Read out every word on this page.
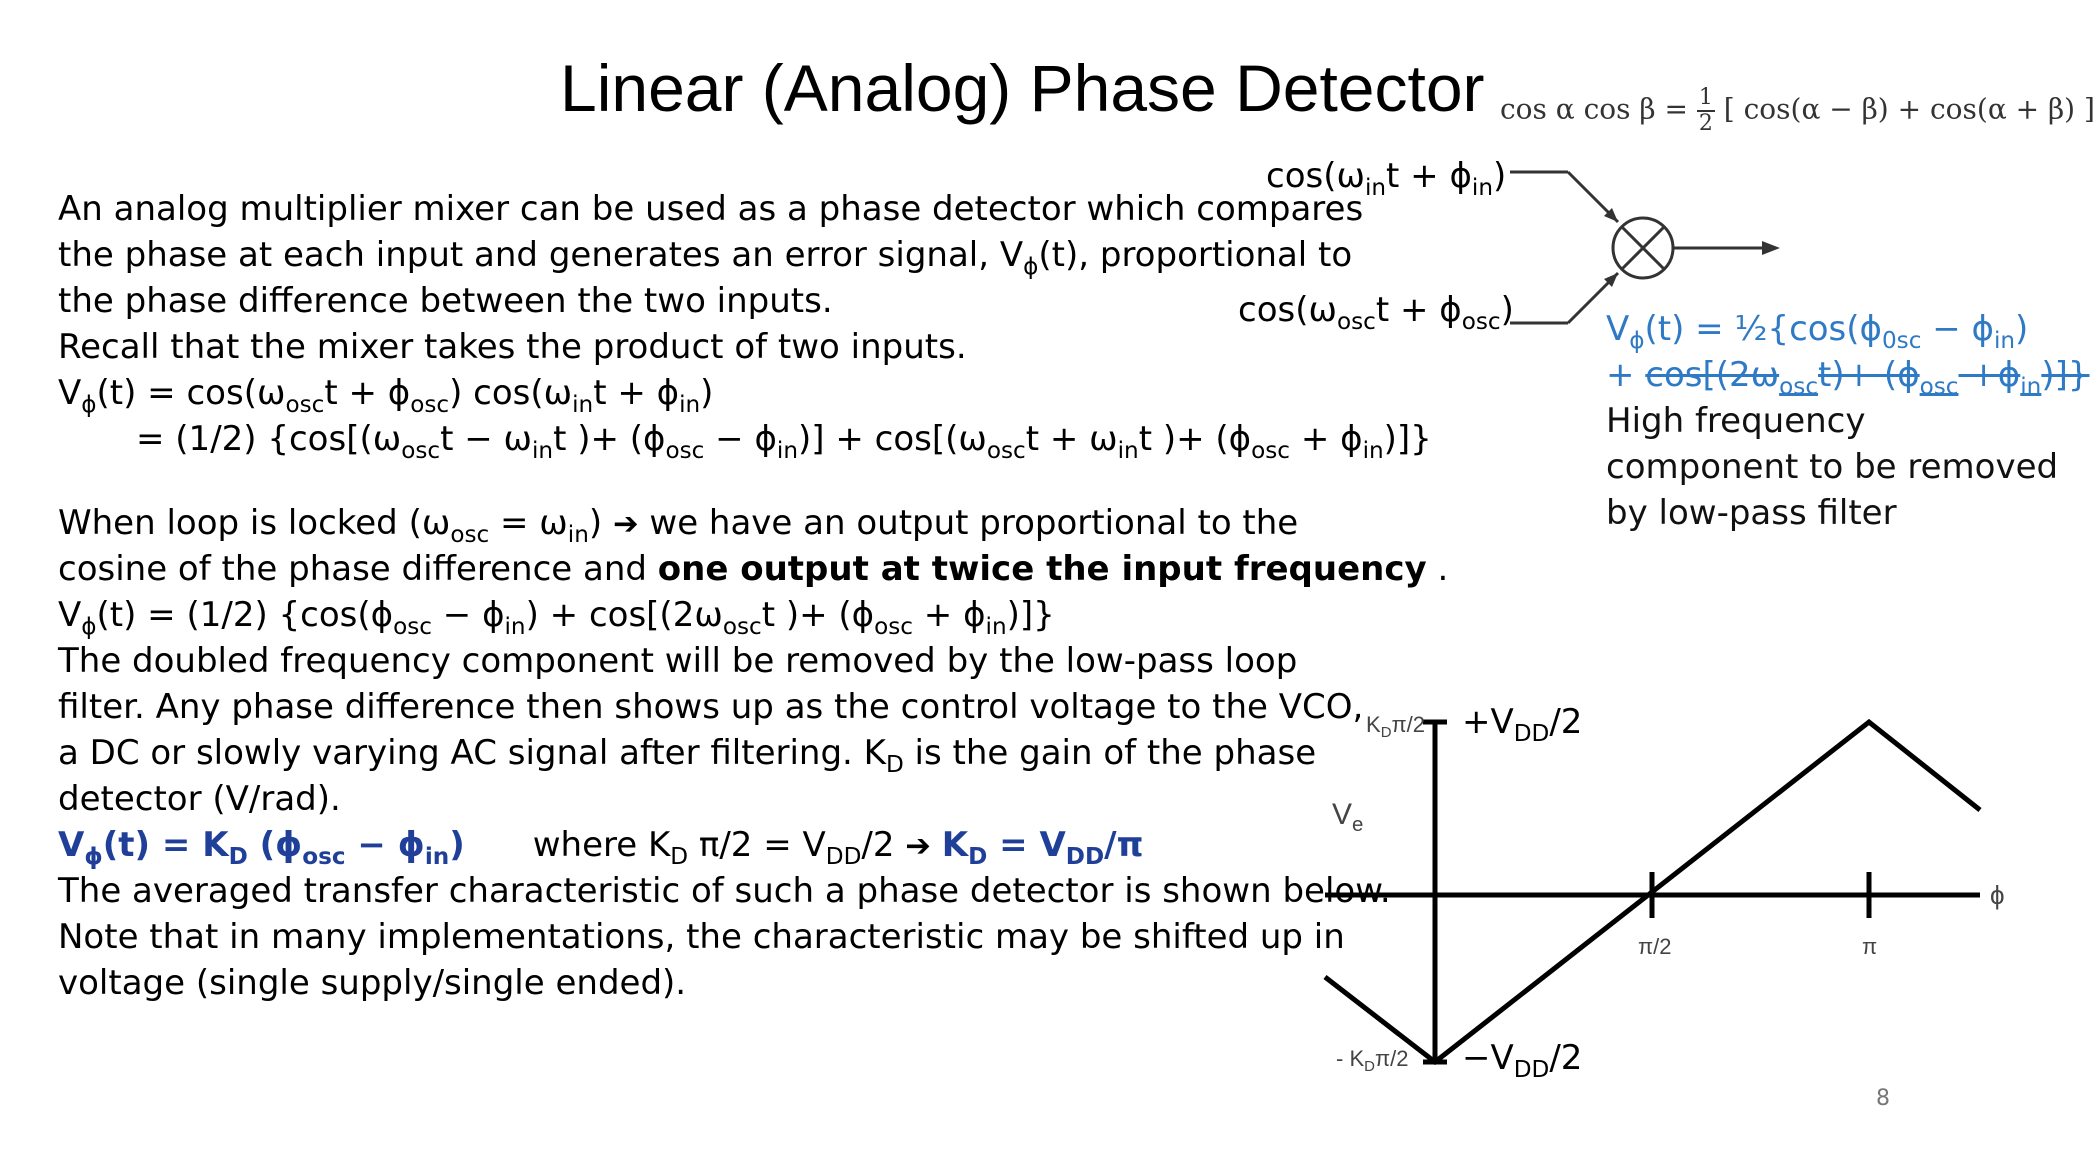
Linear (Analog) Phase Detector cos α $\cos \beta = \frac{1}{2}$ [ cos(α − β) + cos(α + β) ]
$\cos(\omega_{in}t + \phi_{in})$
$\cos(\omega_{osc}t + \phi_{osc})$	$V_\phi(t)$ = $\frac{1}{2}\{\cos(\phi_{0sc} - \phi_{in})$
+ $\cos[(2\omega_{osc}t)+ (\phi_{osc} +\phi_{in})]$}
High frequency
component to be removed
by low-pass filter
An analog multiplier mixer can be used as a phase detector which compares
the phase at each input and generates an error signal, $V_\phi(t)$, proportional to
the phase difference between the two inputs.
Recall that the mixer takes the product of two inputs.
$V_\phi(t) = \cos(\omega_{osc}t + \phi_{osc}) \cos(\omega_{in}t + \phi_{in})$
= (1/2) {$\cos[(\omega_{osc}t - \omega_{in}t$ )+ $(\phi_{osc} - \phi_{in})] + \cos[(\omega_{osc}t + \omega_{in}t$ )+ $(\phi_{osc} + \phi_{in})$]}
When loop is locked $(\omega_{osc} = \omega_{in})$ ➔ we have an output proportional to the
cosine of the phase difference and one output at twice the input frequency .
$V_\phi(t) = (1/2) \{\cos(\phi_{osc} - \phi_{in}) + \cos[(2\omega_{osc}t$ )+ $(\phi_{osc} + \phi_{in})$]}
The doubled frequency component will be removed by the low-pass loop
filter. Any phase difference then shows up as the control voltage to the VCO,
a DC or slowly varying AC signal after filtering. $K_D$ is the gain of the phase
detector (V/rad).
$V_\phi(t) = K_D$ $(\phi_{osc} - \phi_{in})$ where $K_D$ $\pi/2 = V_{DD}/2$ ➔ $K_D = V_{DD}/\pi$
The averaged transfer characteristic of such a phase detector is shown below.
Note that in many implementations, the characteristic may be shifted up in
voltage (single supply/single ended).
$K_D\pi/2$
- $K_D\pi/2$
$V_e$
ϕ
π/2	π
$+V_{DD}/2$
$-V_{DD}/2$
8
